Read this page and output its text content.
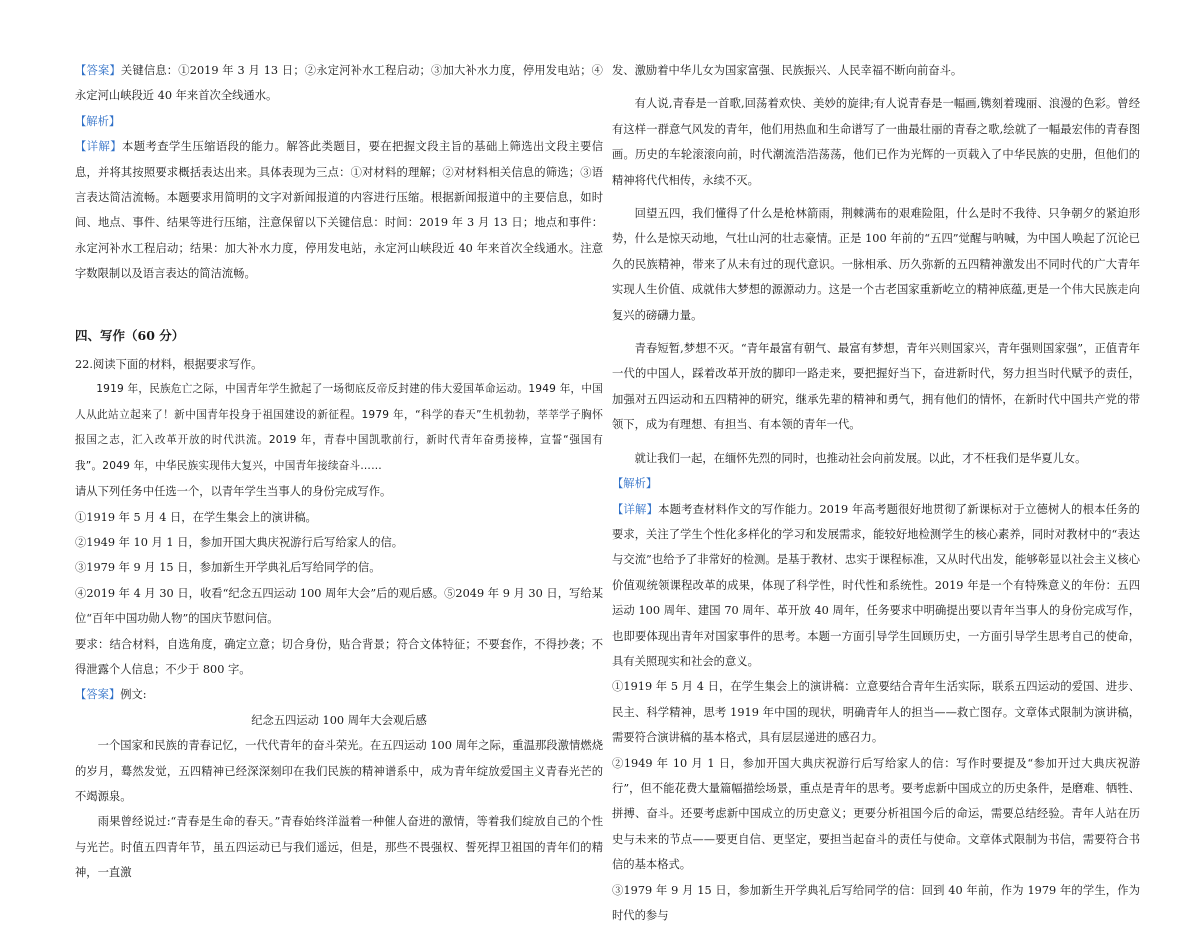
【答案】关键信息：①2019 年 3 月 13 日；②永定河补水工程启动；③加大补水力度，停用发电站；④永定河山峡段近 40 年来首次全线通水。

【解析】

【详解】本题考查学生压缩语段的能力。解答此类题目，要在把握文段主旨的基础上筛选出文段主要信息，并将其按照要求概括表达出来。具体表现为三点：①对材料的理解；②对材料相关信息的筛选；③语言表达简洁流畅。本题要求用简明的文字对新闻报道的内容进行压缩。根据新闻报道中的主要信息，如时间、地点、事件、结果等进行压缩，注意保留以下关键信息：时间：2019 年 3 月 13 日；地点和事件：永定河补水工程启动；结果：加大补水力度，停用发电站，永定河山峡段近 40 年来首次全线通水。注意字数限制以及语言表达的简洁流畅。

四、写作（60 分）

22.阅读下面的材料，根据要求写作。

1919 年，民族危亡之际，中国青年学生掀起了一场彻底反帝反封建的伟大爱国革命运动。1949 年，中国人从此站立起来了！新中国青年投身于祖国建设的新征程。1979 年，“科学的春天”生机勃勃，莘莘学子胸怀报国之志，汇入改革开放的时代洪流。2019 年，青春中国凯歌前行，新时代青年奋勇接棒，宣誓“强国有我”。2049 年，中华民族实现伟大复兴，中国青年接续奋斗……

请从下列任务中任选一个，以青年学生当事人的身份完成写作。

①1919 年 5 月 4 日，在学生集会上的演讲稿。

②1949 年 10 月 1 日，参加开国大典庆祝游行后写给家人的信。

③1979 年 9 月 15 日，参加新生开学典礼后写给同学的信。

④2019 年 4 月 30 日，收看“纪念五四运动 100 周年大会”后的观后感。⑤2049 年 9 月 30 日，写给某位“百年中国功勋人物”的国庆节慰问信。

要求：结合材料，自选角度，确定立意；切合身份，贴合背景；符合文体特征；不要套作，不得抄袭；不得泄露个人信息；不少于 800 字。

【答案】例文:

纪念五四运动 100 周年大会观后感

一个国家和民族的青春记忆，一代代青年的奋斗荣光。在五四运动 100 周年之际，重温那段激情燃烧的岁月，蓦然发觉，五四精神已经深深刻印在我们民族的精神谱系中，成为青年绽放爱国主义青春光芒的不竭源泉。

雨果曾经说过:“青春是生命的春天。”青春始终洋溢着一种催人奋进的激情，等着我们绽放自己的个性与光芒。时值五四青年节，虽五四运动已与我们遥远，但是，那些不畏强权、誓死捍卫祖国的青年们的精神，一直激

发、激励着中华儿女为国家富强、民族振兴、人民幸福不断向前奋斗。

有人说,青春是一首歌,回荡着欢快、美妙的旋律;有人说青春是一幅画,镌刻着瑰丽、浪漫的色彩。曾经有这样一群意气风发的青年，他们用热血和生命谱写了一曲最壮丽的青春之歌,绘就了一幅最宏伟的青春图画。历史的车轮滚滚向前，时代潮流浩浩荡荡，他们已作为光辉的一页载入了中华民族的史册，但他们的精神将代代相传，永续不灭。

回望五四，我们懂得了什么是枪林箭雨，荆棘满布的艰难险阻，什么是时不我待、只争朝夕的紧迫形势，什么是惊天动地，气壮山河的壮志豪情。正是 100 年前的“五四”觉醒与呐喊，为中国人唤起了沉论已久的民族精神，带来了从未有过的现代意识。一脉相承、历久弥新的五四精神激发出不同时代的广大青年实现人生价值、成就伟大梦想的源源动力。这是一个古老国家重新屹立的精神底蕴,更是一个伟大民族走向复兴的磅礴力量。

青春短暂,梦想不灭。“青年最富有朝气、最富有梦想，青年兴则国家兴，青年强则国家强”，正值青年一代的中国人，踩着改革开放的脚印一路走来，要把握好当下，奋进新时代，努力担当时代赋予的责任，加强对五四运动和五四精神的研究，继承先辈的精神和勇气，拥有他们的情怀，在新时代中国共产党的带领下，成为有理想、有担当、有本领的青年一代。

就让我们一起，在缅怀先烈的同时，也推动社会向前发展。以此，才不枉我们是华夏儿女。

【解析】

【详解】本题考查材料作文的写作能力。2019 年高考题很好地贯彻了新课标对于立德树人的根本任务的要求，关注了学生个性化多样化的学习和发展需求，能较好地检测学生的核心素养，同时对教材中的“表达与交流”也给予了非常好的检测。是基于教材、忠实于课程标准，又从时代出发，能够彰显以社会主义核心价值观统领课程改革的成果，体现了科学性，时代性和系统性。2019 年是一个有特殊意义的年份：五四运动 100 周年、建国 70 周年、革开放 40 周年，任务要求中明确提出要以青年当事人的身份完成写作，也即要体现出青年对国家事件的思考。本题一方面引导学生回顾历史，一方面引导学生思考自己的使命，具有关照现实和社会的意义。

①1919 年 5 月 4 日，在学生集会上的演讲稿：立意要结合青年生活实际，联系五四运动的爱国、进步、民主、科学精神，思考 1919 年中国的现状，明确青年人的担当——救亡图存。文章体式限制为演讲稿，需要符合演讲稿的基本格式，具有层层递进的感召力。

②1949 年 10 月 1 日，参加开国大典庆祝游行后写给家人的信：写作时要提及“参加开过大典庆祝游行”，但不能花费大量篇幅描绘场景，重点是青年的思考。要考虑新中国成立的历史条件，是磨难、牺牲、拼搏、奋斗。还要考虑新中国成立的历史意义；更要分析祖国今后的命运，需要总结经验。青年人站在历史与未来的节点——要更自信、更坚定，要担当起奋斗的责任与使命。文章体式限制为书信，需要符合书信的基本格式。

③1979 年 9 月 15 日，参加新生开学典礼后写给同学的信：回到 40 年前，作为 1979 年的学生，作为时代的参与
